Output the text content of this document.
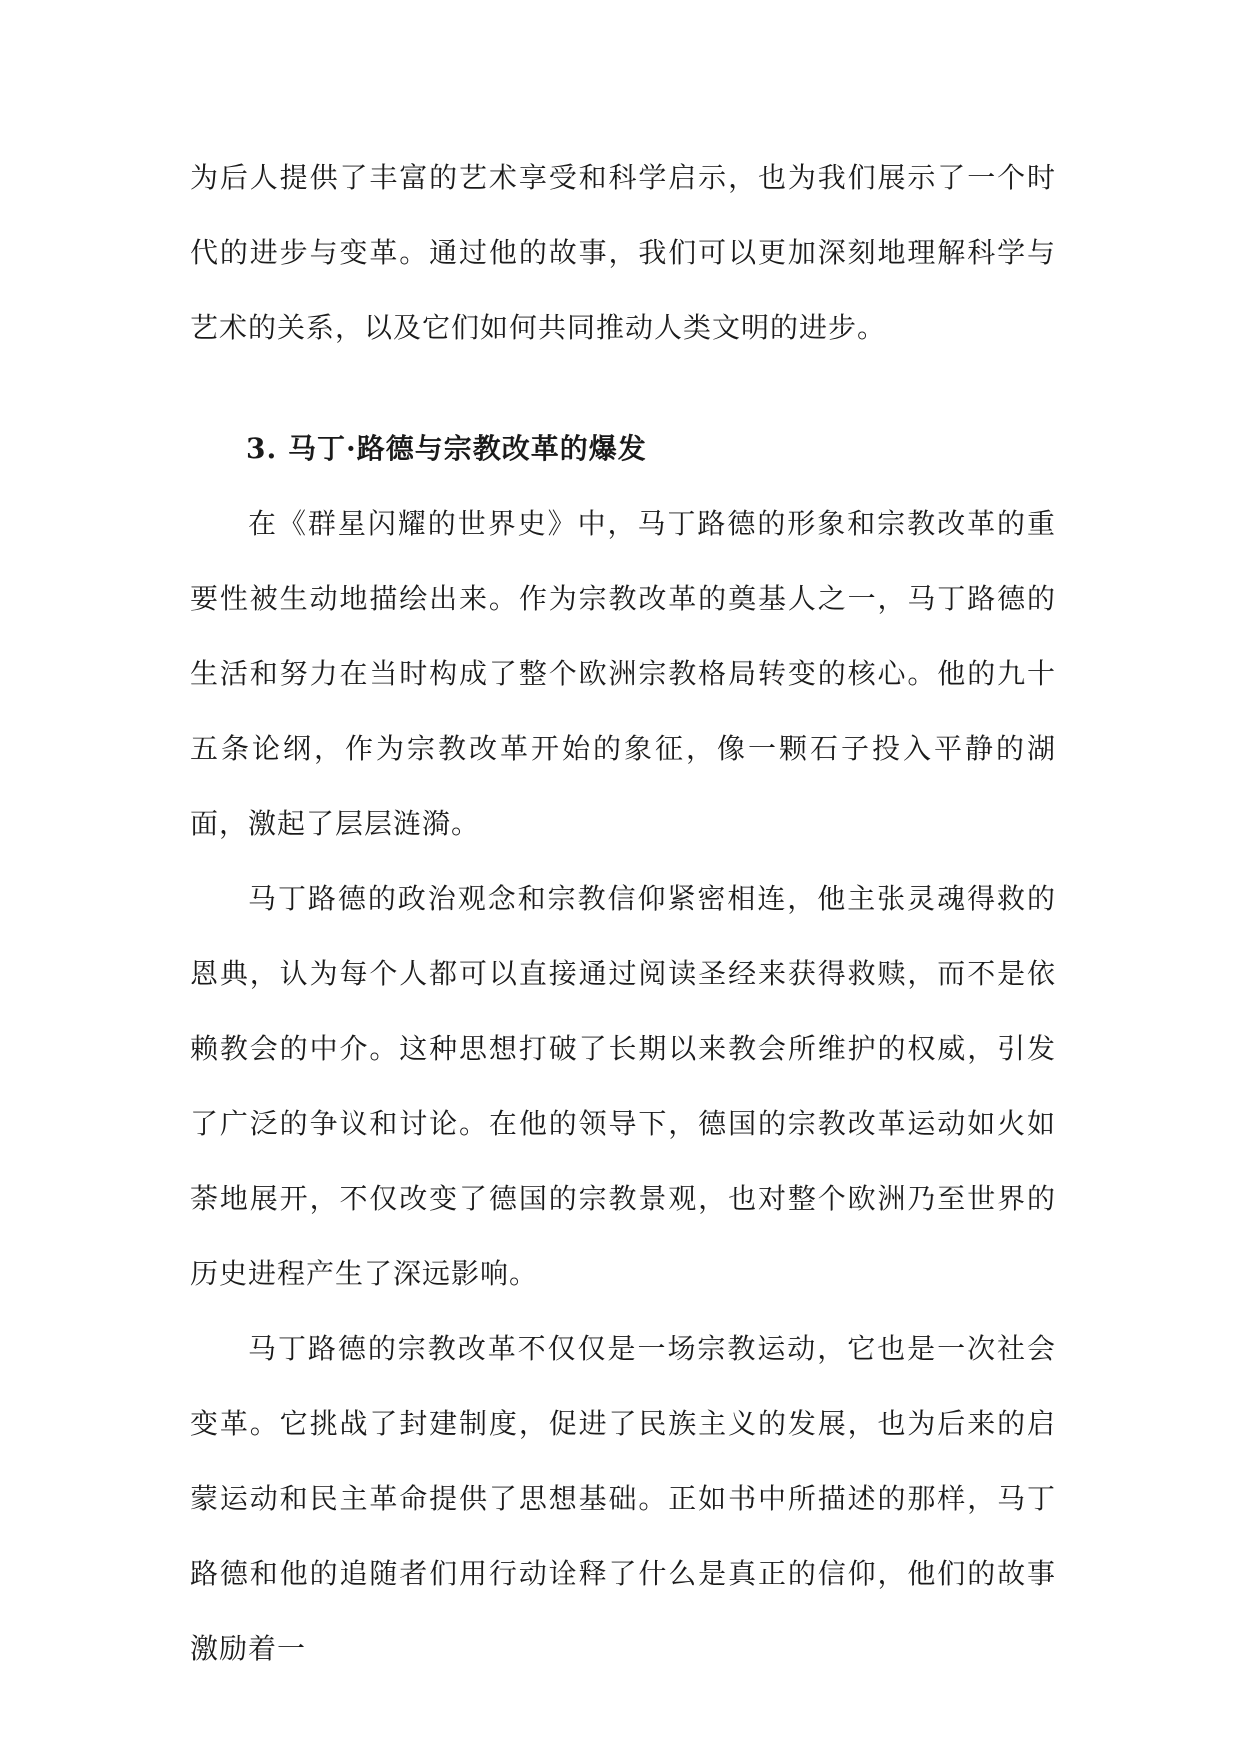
为后人提供了丰富的艺术享受和科学启示，也为我们展示了一个时代的进步与变革。通过他的故事，我们可以更加深刻地理解科学与艺术的关系，以及它们如何共同推动人类文明的进步。

3. 马丁·路德与宗教改革的爆发

在《群星闪耀的世界史》中，马丁路德的形象和宗教改革的重要性被生动地描绘出来。作为宗教改革的奠基人之一，马丁路德的生活和努力在当时构成了整个欧洲宗教格局转变的核心。他的九十五条论纲，作为宗教改革开始的象征，像一颗石子投入平静的湖面，激起了层层涟漪。

马丁路德的政治观念和宗教信仰紧密相连，他主张灵魂得救的恩典，认为每个人都可以直接通过阅读圣经来获得救赎，而不是依赖教会的中介。这种思想打破了长期以来教会所维护的权威，引发了广泛的争议和讨论。在他的领导下，德国的宗教改革运动如火如荼地展开，不仅改变了德国的宗教景观，也对整个欧洲乃至世界的历史进程产生了深远影响。

马丁路德的宗教改革不仅仅是一场宗教运动，它也是一次社会变革。它挑战了封建制度，促进了民族主义的发展，也为后来的启蒙运动和民主革命提供了思想基础。正如书中所描述的那样，马丁路德和他的追随者们用行动诠释了什么是真正的信仰，他们的故事激励着一
